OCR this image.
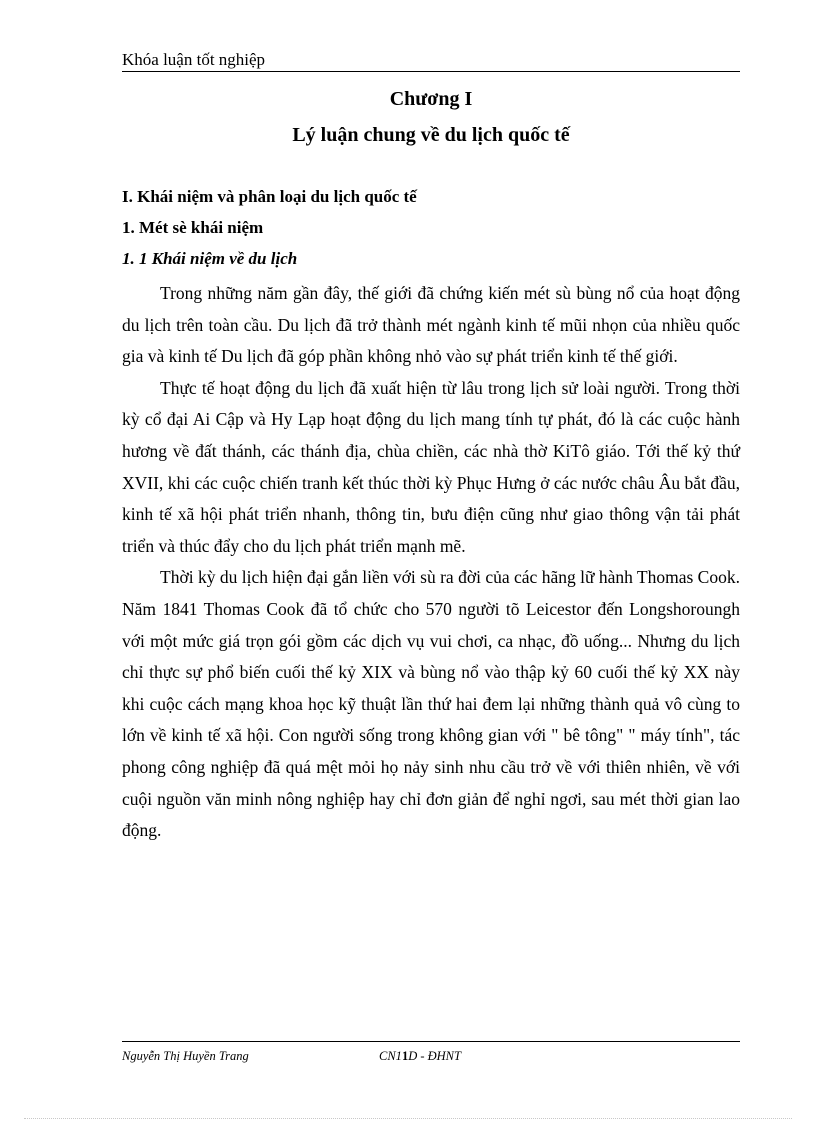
Khóa luận tốt nghiệp
Chương I
Lý luận chung về du lịch quốc tế
I. Khái niệm và phân loại du lịch quốc tế
1. Mét sè khái niệm
1. 1 Khái niệm về du lịch

Trong những năm gần đây, thế giới đã chứng kiến mét sù bùng nổ của hoạt động du lịch trên toàn cầu. Du lịch đã trở thành mét ngành kinh tế mũi nhọn của nhiều quốc gia và kinh tế Du lịch đã góp phần không nhỏ vào sự phát triển kinh tế thế giới.

Thực tế hoạt động du lịch đã xuất hiện từ lâu trong lịch sử loài người. Trong thời kỳ cổ đại Ai Cập và Hy Lạp hoạt động du lịch mang tính tự phát, đó là các cuộc hành hương về đất thánh, các thánh địa, chùa chiền, các nhà thờ KiTô giáo. Tới thế kỷ thứ XVII, khi các cuộc chiến tranh kết thúc thời kỳ Phục Hưng ở các nước châu Âu bắt đầu, kinh tế xã hội phát triển nhanh, thông tin, bưu điện cũng như giao thông vận tải phát triển và thúc đẩy cho du lịch phát triển mạnh mẽ.

Thời kỳ du lịch hiện đại gắn liền với sù ra đời của các hãng lữ hành Thomas Cook. Năm 1841 Thomas Cook đã tổ chức cho 570 người tõ Leicestor đến Longshoroungh với một mức giá trọn gói gồm các dịch vụ vui chơi, ca nhạc, đồ uống... Nhưng du lịch chỉ thực sự phổ biến cuối thế kỷ XIX và bùng nổ vào thập kỷ 60 cuối thế kỷ XX này khi cuộc cách mạng khoa học kỹ thuật lần thứ hai đem lại những thành quả vô cùng to lớn về kinh tế xã hội. Con người sống trong không gian với " bê tông" " máy tính", tác phong công nghiệp đã quá mệt mỏi họ nảy sinh nhu cầu trở về với thiên nhiên, về với cuội nguồn văn minh nông nghiệp hay chỉ đơn giản để nghỉ ngơi, sau mét thời gian lao động.

Nguyễn Thị Huyền Trang	CN11D - ĐHNT
